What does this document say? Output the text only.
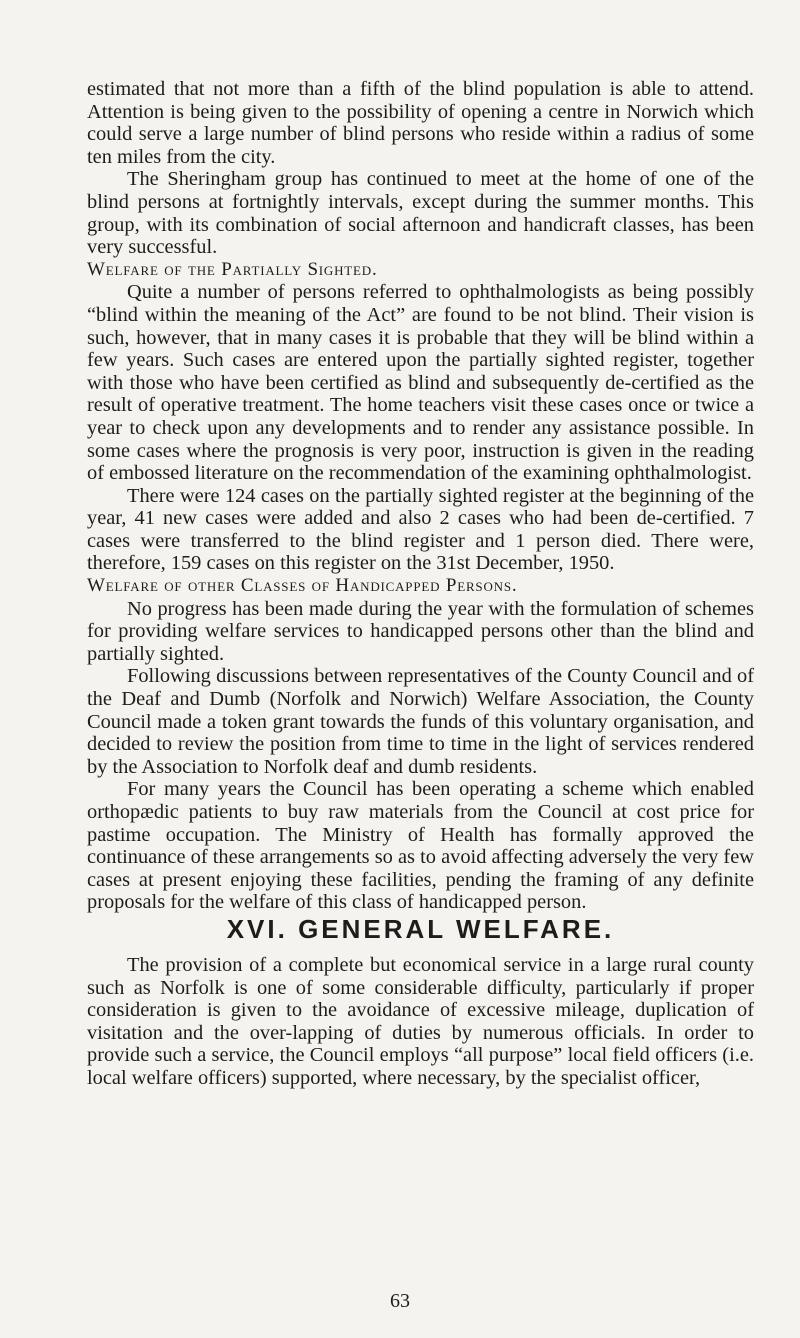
estimated that not more than a fifth of the blind population is able to attend. Attention is being given to the possibility of opening a centre in Norwich which could serve a large number of blind persons who reside within a radius of some ten miles from the city.

The Sheringham group has continued to meet at the home of one of the blind persons at fortnightly intervals, except during the summer months. This group, with its combination of social afternoon and handicraft classes, has been very successful.

Welfare of the Partially Sighted.

Quite a number of persons referred to ophthalmologists as being possibly “blind within the meaning of the Act” are found to be not blind. Their vision is such, however, that in many cases it is probable that they will be blind within a few years. Such cases are entered upon the partially sighted register, together with those who have been certified as blind and subsequently de-certified as the result of operative treatment. The home teachers visit these cases once or twice a year to check upon any developments and to render any assistance possible. In some cases where the prognosis is very poor, instruction is given in the reading of embossed literature on the recommendation of the examining ophthalmologist.

There were 124 cases on the partially sighted register at the beginning of the year, 41 new cases were added and also 2 cases who had been de-certified. 7 cases were transferred to the blind register and 1 person died. There were, therefore, 159 cases on this register on the 31st December, 1950.

Welfare of other Classes of Handicapped Persons.

No progress has been made during the year with the formulation of schemes for providing welfare services to handicapped persons other than the blind and partially sighted.

Following discussions between representatives of the County Council and of the Deaf and Dumb (Norfolk and Norwich) Welfare Association, the County Council made a token grant towards the funds of this voluntary organisation, and decided to review the position from time to time in the light of services rendered by the Association to Norfolk deaf and dumb residents.

For many years the Council has been operating a scheme which enabled orthopædic patients to buy raw materials from the Council at cost price for pastime occupation. The Ministry of Health has formally approved the continuance of these arrangements so as to avoid affecting adversely the very few cases at present enjoying these facilities, pending the framing of any definite proposals for the welfare of this class of handicapped person.

XVI. GENERAL WELFARE.

The provision of a complete but economical service in a large rural county such as Norfolk is one of some considerable difficulty, particularly if proper consideration is given to the avoidance of excessive mileage, duplication of visitation and the over-lapping of duties by numerous officials. In order to provide such a service, the Council employs “all purpose” local field officers (i.e. local welfare officers) supported, where necessary, by the specialist officer,

63
